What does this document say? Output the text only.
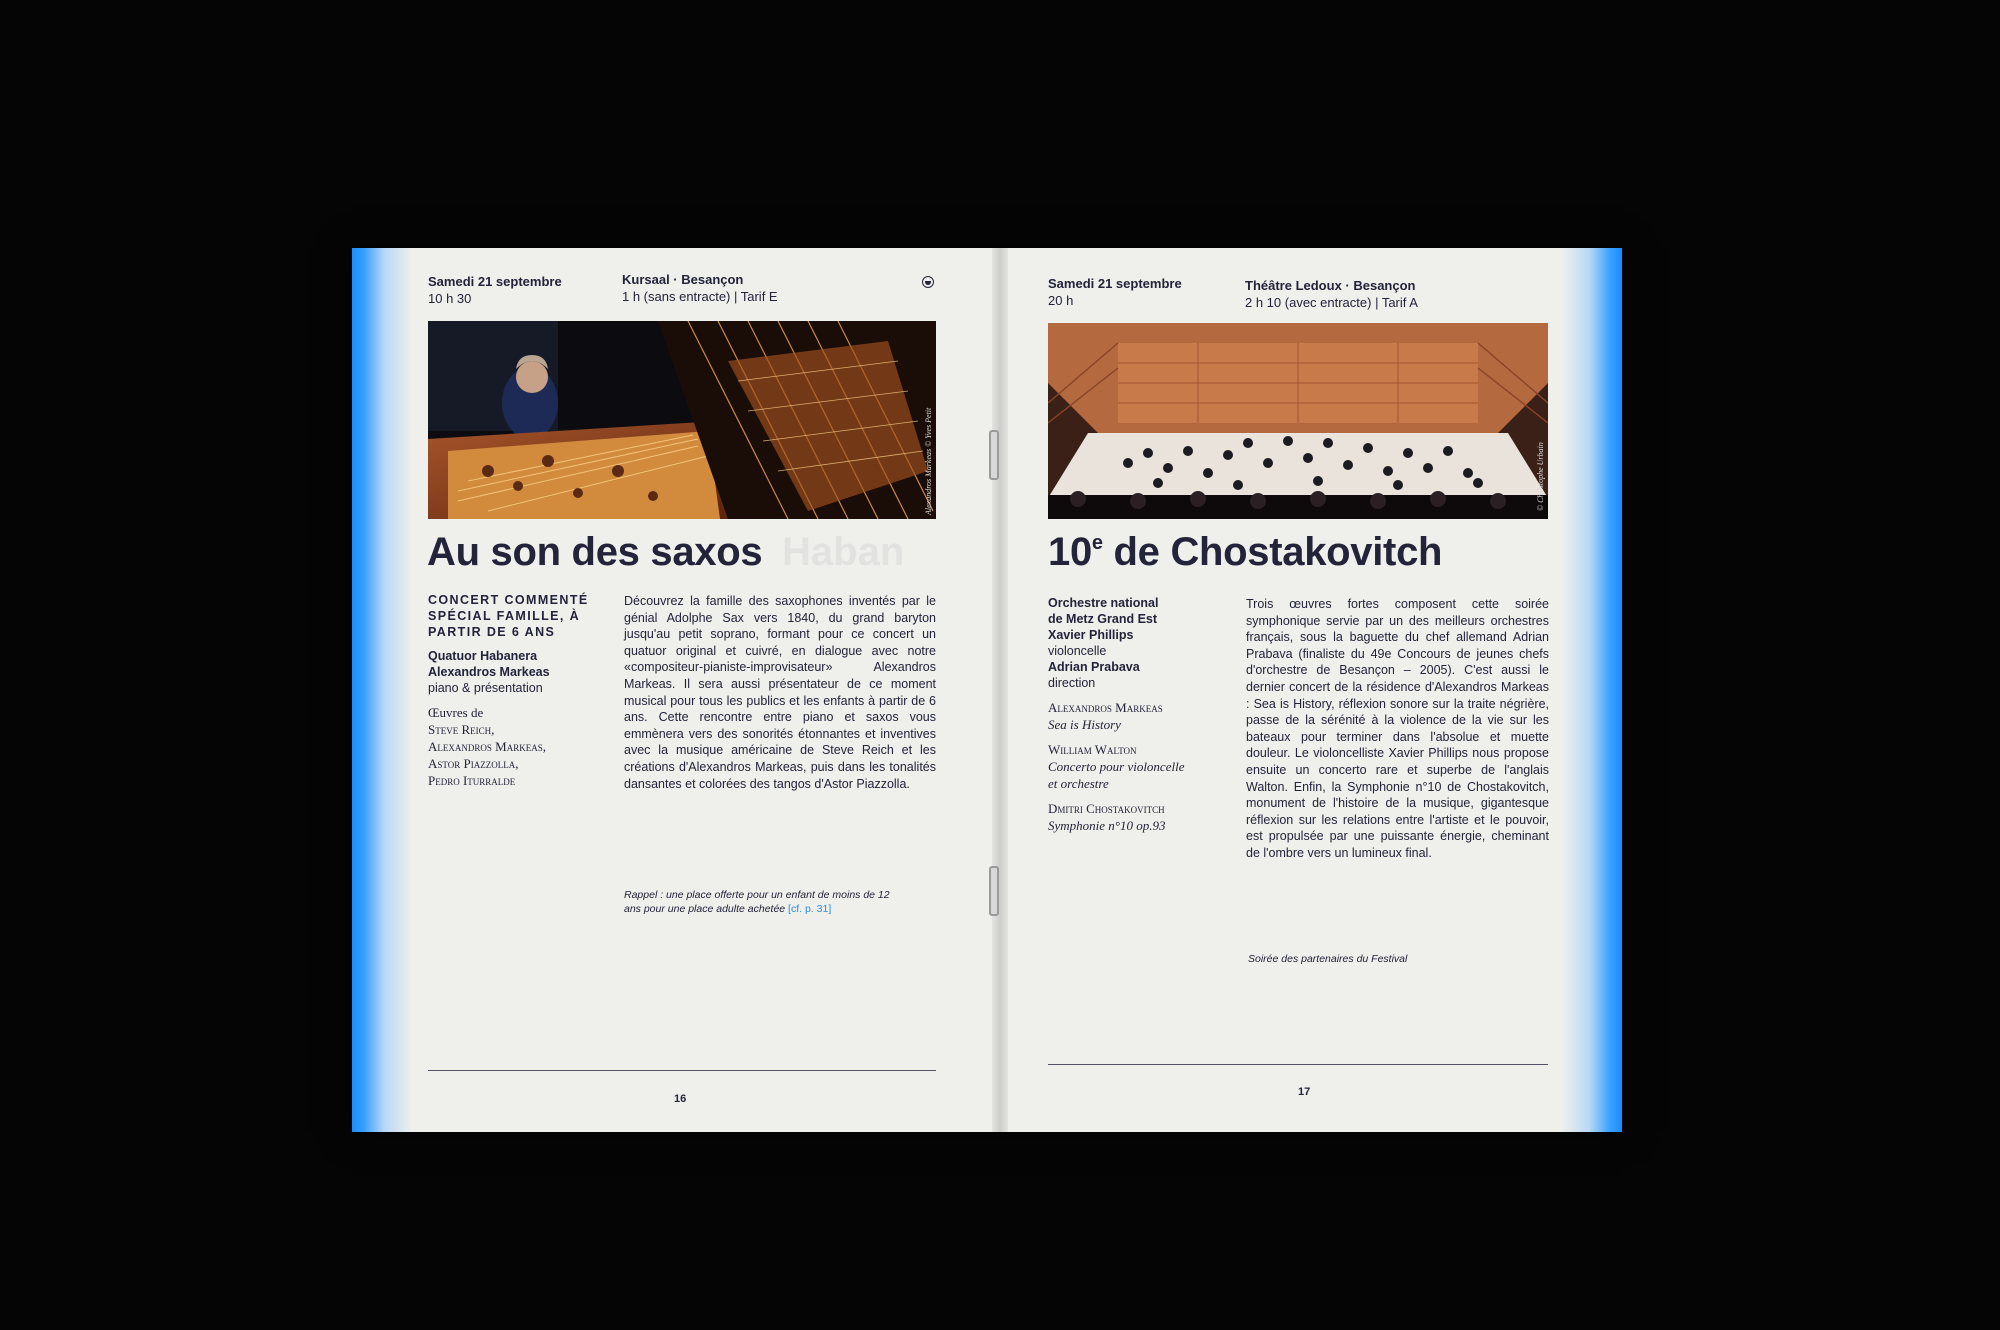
Samedi 21 septembre
10 h 30
Kursaal · Besançon
1 h (sans entracte) | Tarif E
Alexandros Markeas © Yves Petit
Au son des saxos Haban
CONCERT COMMENTÉ SPÉCIAL FAMILLE, À PARTIR DE 6 ANS
Quatuor Habanera
Alexandros Markeas
piano & présentation
Œuvres de
Steve Reich,
Alexandros Markeas,
Astor Piazzolla,
Pedro Iturralde
Découvrez la famille des saxophones inventés par le génial Adolphe Sax vers 1840, du grand baryton jusqu'au petit soprano, formant pour ce concert un quatuor original et cuivré, en dialogue avec notre «compositeur-pianiste-improvisateur» Alexandros Markeas. Il sera aussi présentateur de ce moment musical pour tous les publics et les enfants à partir de 6 ans. Cette rencontre entre piano et saxos vous emmènera vers des sonorités étonnantes et inventives avec la musique américaine de Steve Reich et les créations d'Alexandros Markeas, puis dans les tonalités dansantes et colorées des tangos d'Astor Piazzolla.
Rappel : une place offerte pour un enfant de moins de 12 ans pour une place adulte achetée [cf. p. 31]
16
Samedi 21 septembre
20 h
Théâtre Ledoux · Besançon
2 h 10 (avec entracte) | Tarif A
© Christophe Urbain
10e de Chostakovitch
Orchestre national
de Metz Grand Est
Xavier Phillips
violoncelle
Adrian Prabava
direction
Alexandros Markeas
Sea is History
William Walton
Concerto pour violoncelle
et orchestre
Dmitri Chostakovitch
Symphonie n°10 op.93
Trois œuvres fortes composent cette soirée symphonique servie par un des meilleurs orchestres français, sous la baguette du chef allemand Adrian Prabava (finaliste du 49e Concours de jeunes chefs d'orchestre de Besançon – 2005). C'est aussi le dernier concert de la résidence d'Alexandros Markeas : Sea is History, réflexion sonore sur la traite négrière, passe de la sérénité à la violence de la vie sur les bateaux pour terminer dans l'absolue et muette douleur. Le violoncelliste Xavier Phillips nous propose ensuite un concerto rare et superbe de l'anglais Walton. Enfin, la Symphonie n°10 de Chostakovitch, monument de l'histoire de la musique, gigantesque réflexion sur les relations entre l'artiste et le pouvoir, est propulsée par une puissante énergie, cheminant de l'ombre vers un lumineux final.
Soirée des partenaires du Festival
17
